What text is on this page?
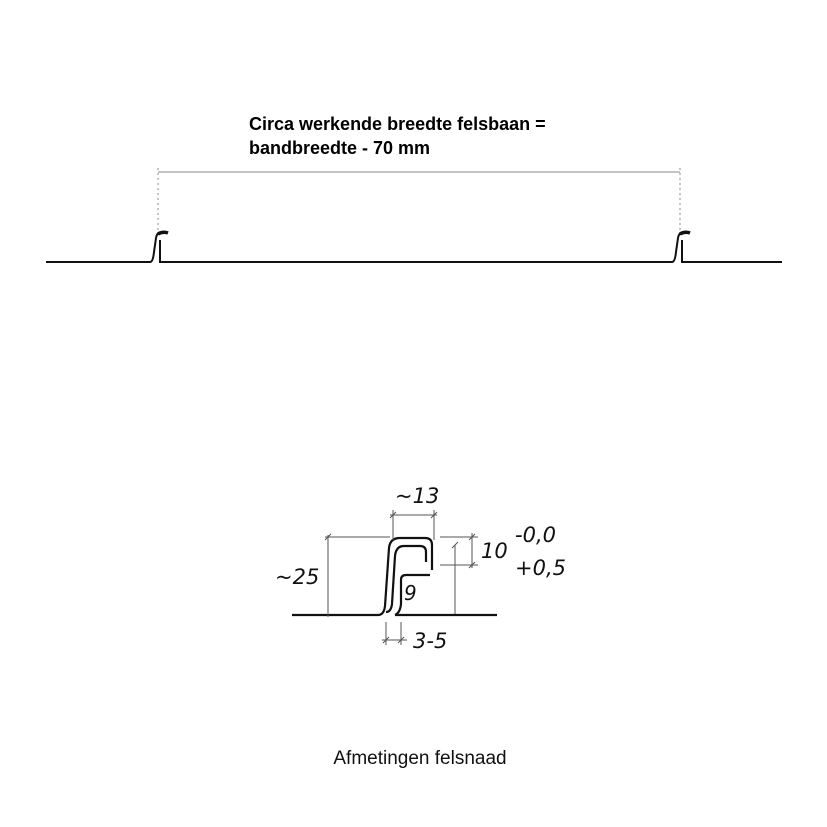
Circa werkende breedte felsbaan =
bandbreedte - 70 mm
~13
~25
10
-0,0
+0,5
9
3-5
Afmetingen felsnaad
